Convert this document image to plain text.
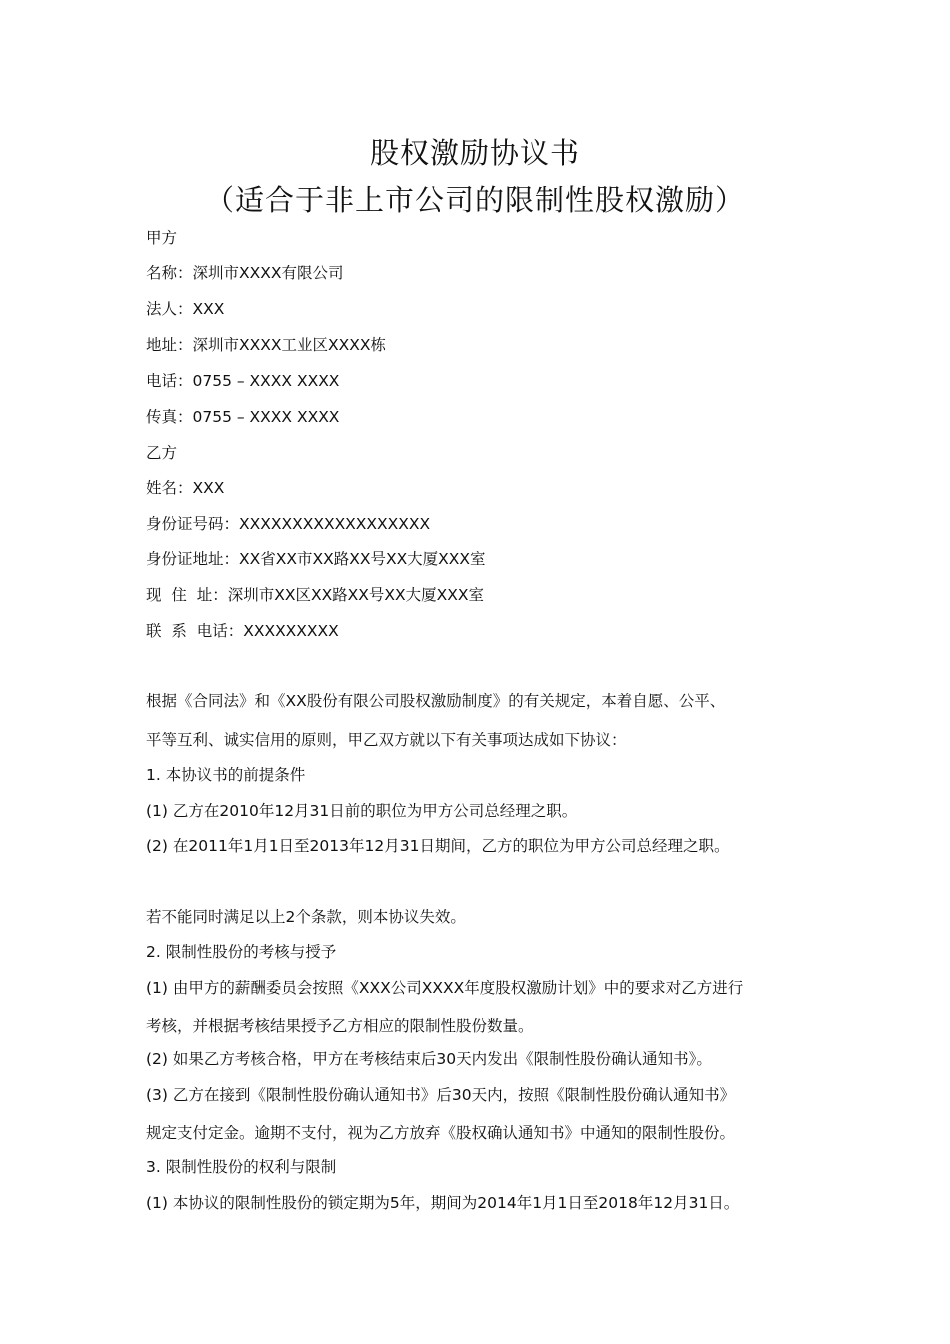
股权激励协议书
（适合于非上市公司的限制性股权激励）
甲方
名称：深圳市XXXX有限公司
法人：XXX
地址：深圳市XXXX工业区XXXX栋
电话：0755 – XXXX XXXX
传真：0755 – XXXX XXXX
乙方
姓名：XXX
身份证号码：XXXXXXXXXXXXXXXXXX
身份证地址：XX省XX市XX路XX号XX大厦XXX室
现  住  址：深圳市XX区XX路XX号XX大厦XXX室
联  系  电话：XXXXXXXXX
根据《合同法》和《XX股份有限公司股权激励制度》的有关规定，本着自愿、公平、
平等互利、诚实信用的原则，甲乙双方就以下有关事项达成如下协议：
1. 本协议书的前提条件
(1) 乙方在2010年12月31日前的职位为甲方公司总经理之职。
(2) 在2011年1月1日至2013年12月31日期间，乙方的职位为甲方公司总经理之职。
若不能同时满足以上2个条款，则本协议失效。
2. 限制性股份的考核与授予
(1) 由甲方的薪酬委员会按照《XXX公司XXXX年度股权激励计划》中的要求对乙方进行
考核，并根据考核结果授予乙方相应的限制性股份数量。
(2) 如果乙方考核合格，甲方在考核结束后30天内发出《限制性股份确认通知书》。
(3) 乙方在接到《限制性股份确认通知书》后30天内，按照《限制性股份确认通知书》
规定支付定金。逾期不支付，视为乙方放弃《股权确认通知书》中通知的限制性股份。
3. 限制性股份的权利与限制
(1) 本协议的限制性股份的锁定期为5年，期间为2014年1月1日至2018年12月31日。
